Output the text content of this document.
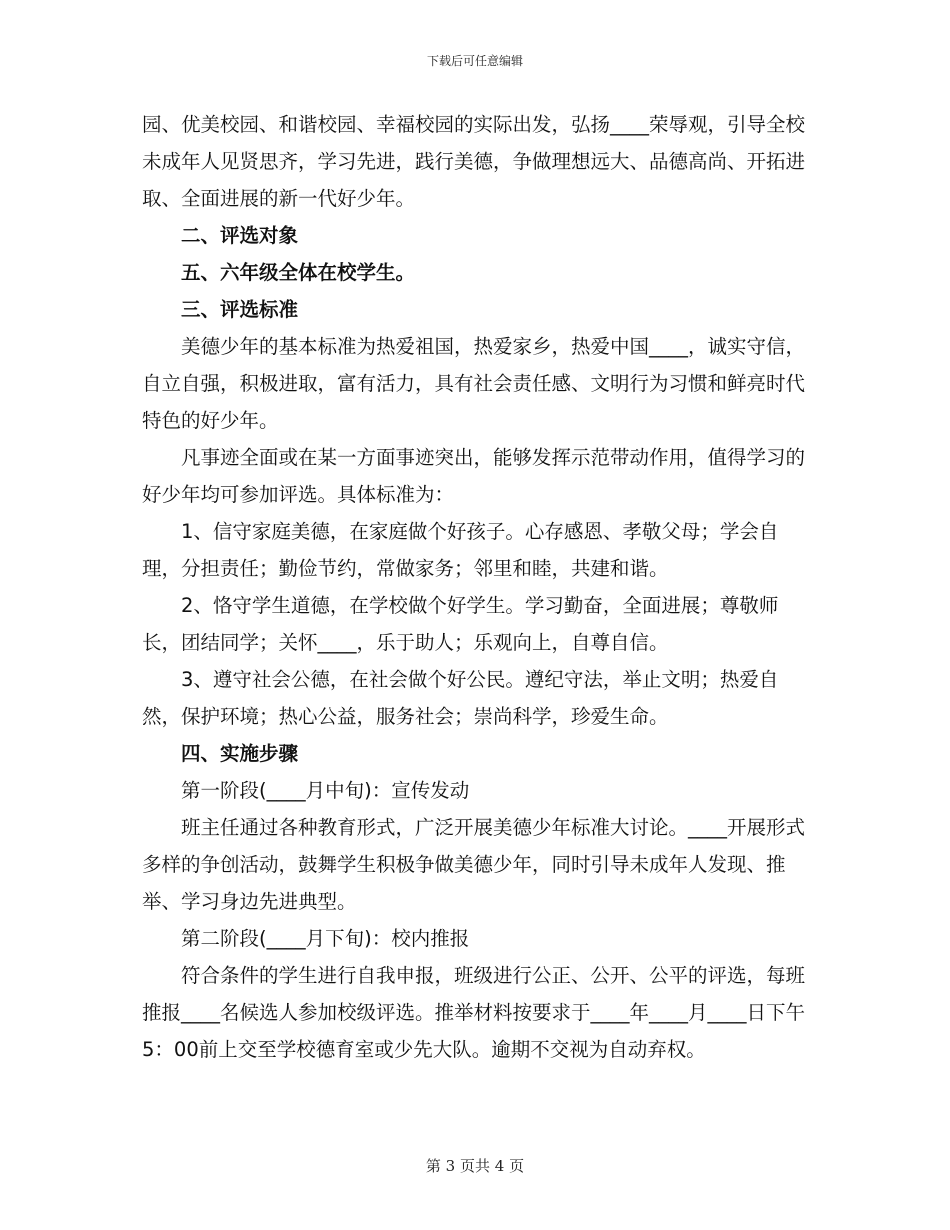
下载后可任意编辑

园、优美校园、和谐校园、幸福校园的实际出发，弘扬____荣辱观，引导全校未成年人见贤思齐，学习先进，践行美德，争做理想远大、品德高尚、开拓进取、全面进展的新一代好少年。

二、评选对象

五、六年级全体在校学生。

三、评选标准

美德少年的基本标准为热爱祖国，热爱家乡，热爱中国____，诚实守信，自立自强，积极进取，富有活力，具有社会责任感、文明行为习惯和鲜亮时代特色的好少年。

凡事迹全面或在某一方面事迹突出，能够发挥示范带动作用，值得学习的好少年均可参加评选。具体标准为：

1、信守家庭美德，在家庭做个好孩子。心存感恩、孝敬父母；学会自理，分担责任；勤俭节约，常做家务；邻里和睦，共建和谐。

2、恪守学生道德，在学校做个好学生。学习勤奋，全面进展；尊敬师长，团结同学；关怀____，乐于助人；乐观向上，自尊自信。

3、遵守社会公德，在社会做个好公民。遵纪守法，举止文明；热爱自然，保护环境；热心公益，服务社会；崇尚科学，珍爱生命。

四、实施步骤

第一阶段(____月中旬)：宣传发动

班主任通过各种教育形式，广泛开展美德少年标准大讨论。____开展形式多样的争创活动，鼓舞学生积极争做美德少年，同时引导未成年人发现、推举、学习身边先进典型。

第二阶段(____月下旬)：校内推报

符合条件的学生进行自我申报，班级进行公正、公开、公平的评选，每班推报____名候选人参加校级评选。推举材料按要求于____年____月____日下午5：00前上交至学校德育室或少先大队。逾期不交视为自动弃权。

第 3 页共 4 页
